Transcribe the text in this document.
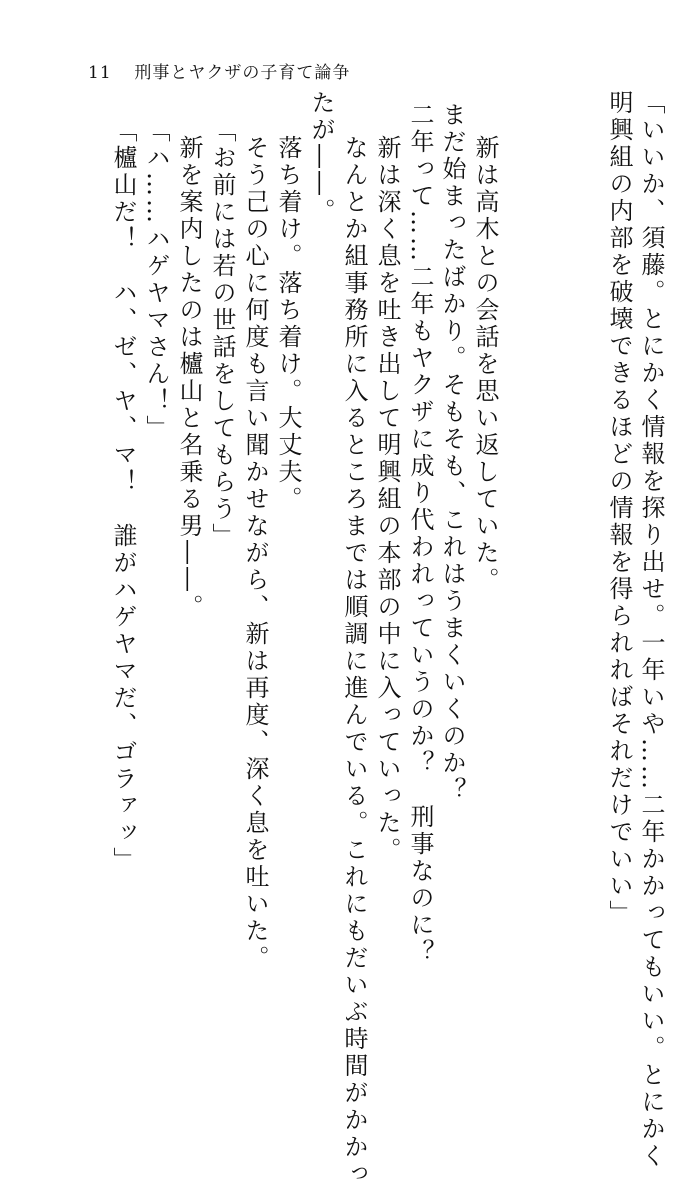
11 刑事とヤクザの子育て論争
「いいか、須藤。とにかく情報を探り出せ。一年いや……二年かかってもいい。とにかく
明興組の内部を破壊できるほどの情報を得られればそれだけでいい」
新は高木との会話を思い返していた。
まだ始まったばかり。そもそも、これはうまくいくのか？
二年って……二年もヤクザに成り代われっていうのか？　刑事なのに？
新は深く息を吐き出して明興組の本部の中に入っていった。
なんとか組事務所に入るところまでは順調に進んでいる。これにもだいぶ時間がかかっ
たが――。
落ち着け。落ち着け。大丈夫。
そう己の心に何度も言い聞かせながら、新は再度、深く息を吐いた。
「お前には若の世話をしてもらう」
新を案内したのは櫨山と名乗る男――。
「ハ……ハゲヤマさん！」
「櫨山だ！　ハ、ゼ、ヤ、マ！　誰がハゲヤマだ、ゴラァッ」
